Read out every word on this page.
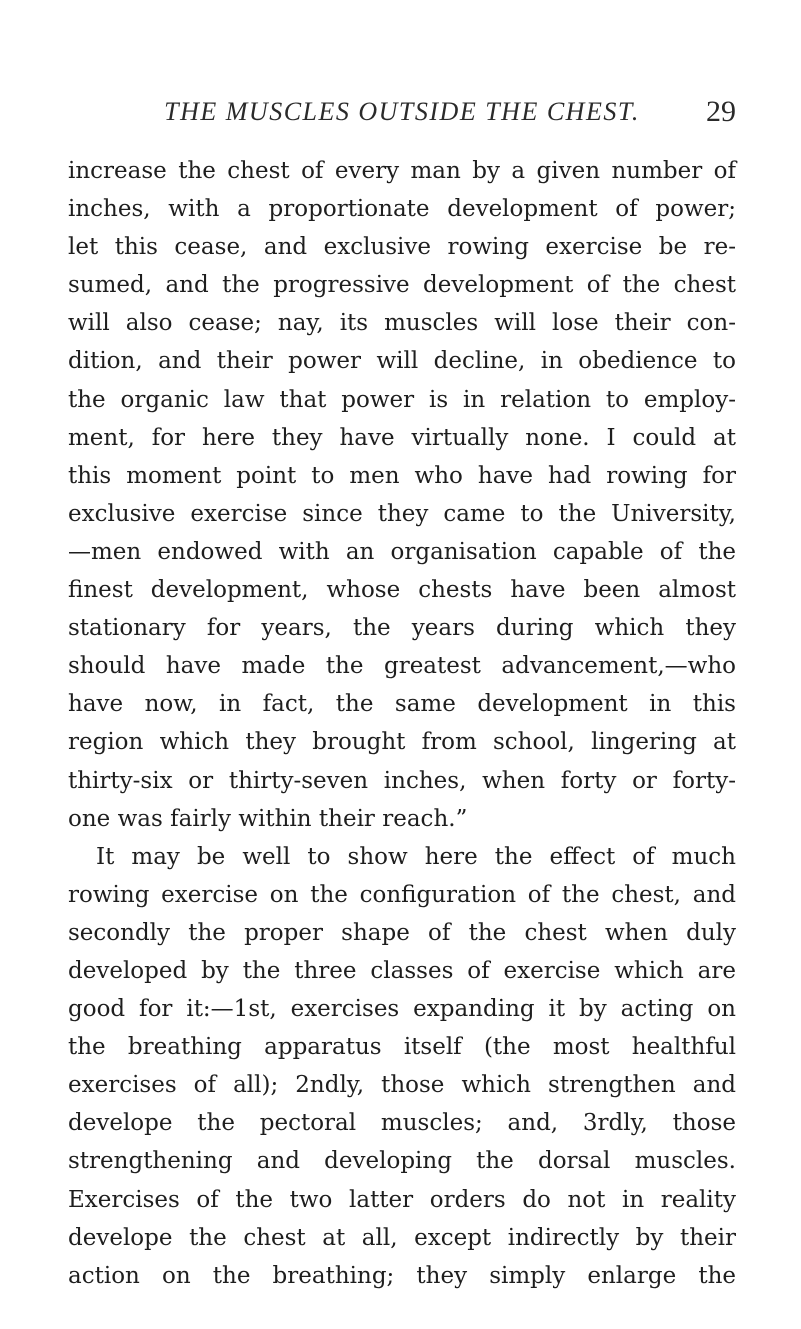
THE MUSCLES OUTSIDE THE CHEST.	29
increase the chest of every man by a given number of
inches, with a proportionate development of power;
let this cease, and exclusive rowing exercise be re-
sumed, and the progressive development of the chest
will also cease; nay, its muscles will lose their con-
dition, and their power will decline, in obedience to
the organic law that power is in relation to employ-
ment, for here they have virtually none. I could at
this moment point to men who have had rowing for
exclusive exercise since they came to the University,
—men endowed with an organisation capable of the
finest development, whose chests have been almost
stationary for years, the years during which they
should have made the greatest advancement,—who
have now, in fact, the same development in this
region which they brought from school, lingering at
thirty-six or thirty-seven inches, when forty or forty-
one was fairly within their reach.”
It may be well to show here the effect of much
rowing exercise on the configuration of the chest, and
secondly the proper shape of the chest when duly
developed by the three classes of exercise which are
good for it:—1st, exercises expanding it by acting on
the breathing apparatus itself (the most healthful
exercises of all); 2ndly, those which strengthen and
develope the pectoral muscles; and, 3rdly, those
strengthening and developing the dorsal muscles.
Exercises of the two latter orders do not in reality
develope the chest at all, except indirectly by their
action on the breathing; they simply enlarge the
